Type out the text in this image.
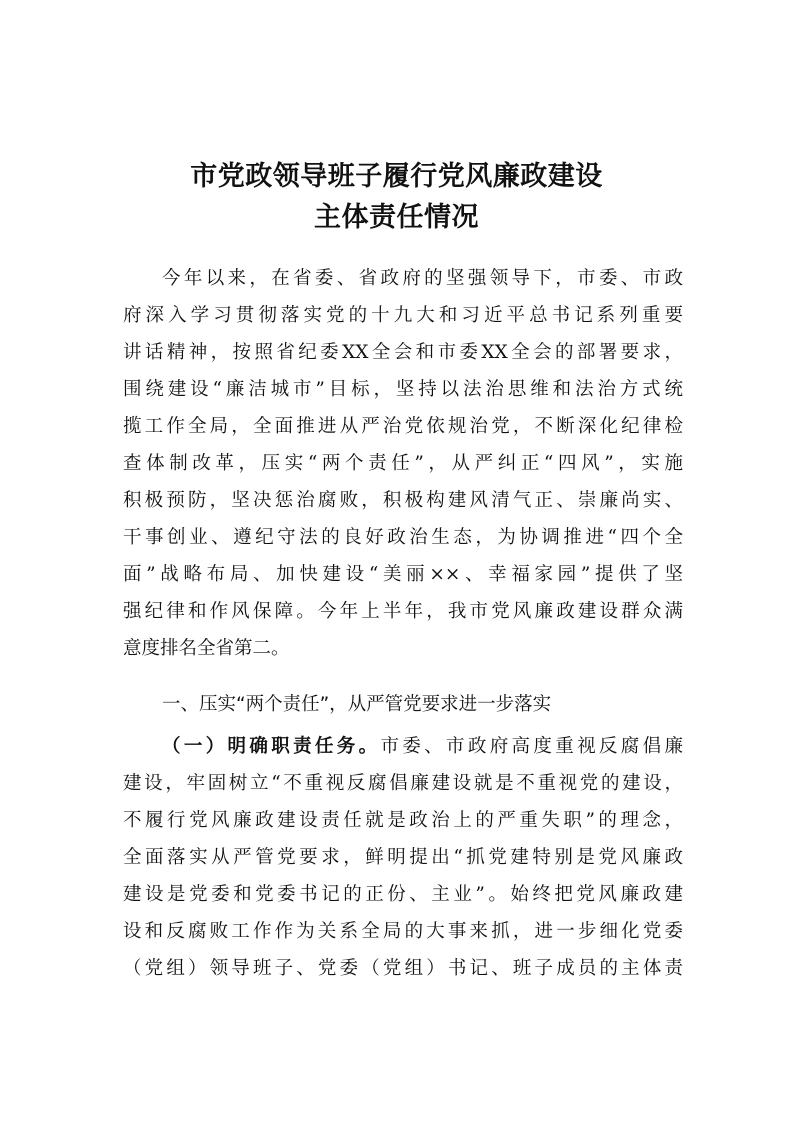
市党政领导班子履行党风廉政建设
主体责任情况
今年以来，在省委、省政府的坚强领导下，市委、市政
府深入学习贯彻落实党的十九大和习近平总书记系列重要
讲话精神，按照省纪委XX全会和市委XX全会的部署要求，
围绕建设“廉洁城市”目标，坚持以法治思维和法治方式统
揽工作全局，全面推进从严治党依规治党，不断深化纪律检
查体制改革，压实“两个责任”，从严纠正“四风”，实施
积极预防，坚决惩治腐败，积极构建风清气正、崇廉尚实、
干事创业、遵纪守法的良好政治生态，为协调推进“四个全
面”战略布局、加快建设“美丽××、幸福家园”提供了坚
强纪律和作风保障。今年上半年，我市党风廉政建设群众满
意度排名全省第二。
一、压实“两个责任”，从严管党要求进一步落实
（一）明确职责任务。市委、市政府高度重视反腐倡廉
建设，牢固树立“不重视反腐倡廉建设就是不重视党的建设，
不履行党风廉政建设责任就是政治上的严重失职”的理念，
全面落实从严管党要求，鲜明提出“抓党建特别是党风廉政
建设是党委和党委书记的正份、主业”。始终把党风廉政建
设和反腐败工作作为关系全局的大事来抓，进一步细化党委
（党组）领导班子、党委（党组）书记、班子成员的主体责
